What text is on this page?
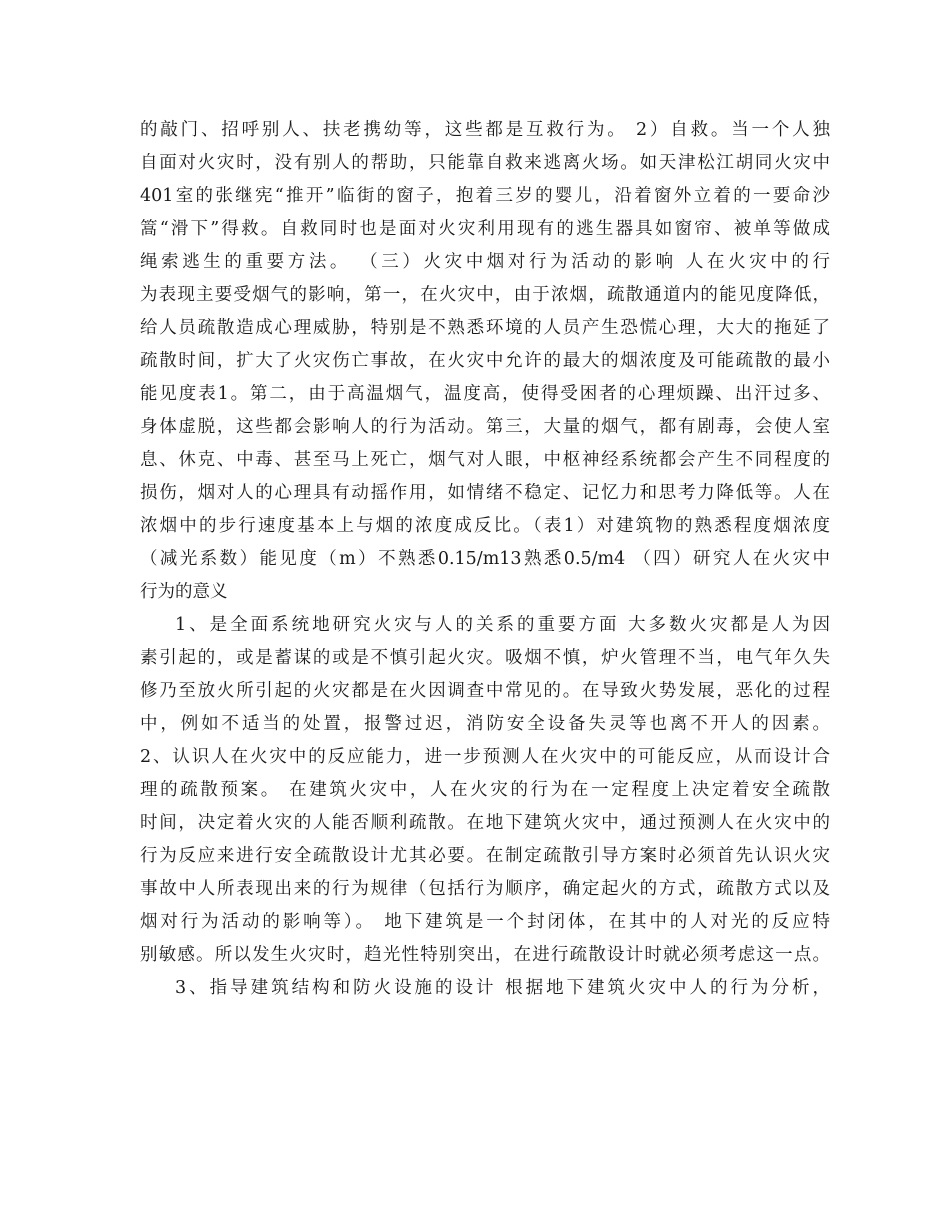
的敲门、招呼别人、扶老携幼等，这些都是互救行为。 2）自救。当一个人独
自面对火灾时，没有别人的帮助，只能靠自救来逃离火场。如天津松江胡同火灾中
401室的张继宪“推开”临街的窗子，抱着三岁的婴儿，沿着窗外立着的一要命沙
篙“滑下”得救。自救同时也是面对火灾利用现有的逃生器具如窗帘、被单等做成
绳索逃生的重要方法。 （三）火灾中烟对行为活动的影响 人在火灾中的行
为表现主要受烟气的影响，第一，在火灾中，由于浓烟，疏散通道内的能见度降低，
给人员疏散造成心理威胁，特别是不熟悉环境的人员产生恐慌心理，大大的拖延了
疏散时间，扩大了火灾伤亡事故，在火灾中允许的最大的烟浓度及可能疏散的最小
能见度表1。第二，由于高温烟气，温度高，使得受困者的心理烦躁、出汗过多、
身体虚脱，这些都会影响人的行为活动。第三，大量的烟气，都有剧毒，会使人室
息、休克、中毒、甚至马上死亡，烟气对人眼，中枢神经系统都会产生不同程度的
损伤，烟对人的心理具有动摇作用，如情绪不稳定、记忆力和思考力降低等。人在
浓烟中的步行速度基本上与烟的浓度成反比。（表1）对建筑物的熟悉程度烟浓度
（减光系数）能见度（m）不熟悉0.15/m13熟悉0.5/m4 （四）研究人在火灾中
行为的意义
1、是全面系统地研究火灾与人的关系的重要方面 大多数火灾都是人为因
素引起的，或是蓄谋的或是不慎引起火灾。吸烟不慎，炉火管理不当，电气年久失
修乃至放火所引起的火灾都是在火因调查中常见的。在导致火势发展，恶化的过程
中，例如不适当的处置，报警过迟，消防安全设备失灵等也离不开人的因素。
2、认识人在火灾中的反应能力，进一步预测人在火灾中的可能反应，从而设计合
理的疏散预案。 在建筑火灾中，人在火灾的行为在一定程度上决定着安全疏散
时间，决定着火灾的人能否顺利疏散。在地下建筑火灾中，通过预测人在火灾中的
行为反应来进行安全疏散设计尤其必要。在制定疏散引导方案时必须首先认识火灾
事故中人所表现出来的行为规律（包括行为顺序，确定起火的方式，疏散方式以及
烟对行为活动的影响等）。 地下建筑是一个封闭体，在其中的人对光的反应特
别敏感。所以发生火灾时，趋光性特别突出，在进行疏散设计时就必须考虑这一点。
3、指导建筑结构和防火设施的设计 根据地下建筑火灾中人的行为分析，
